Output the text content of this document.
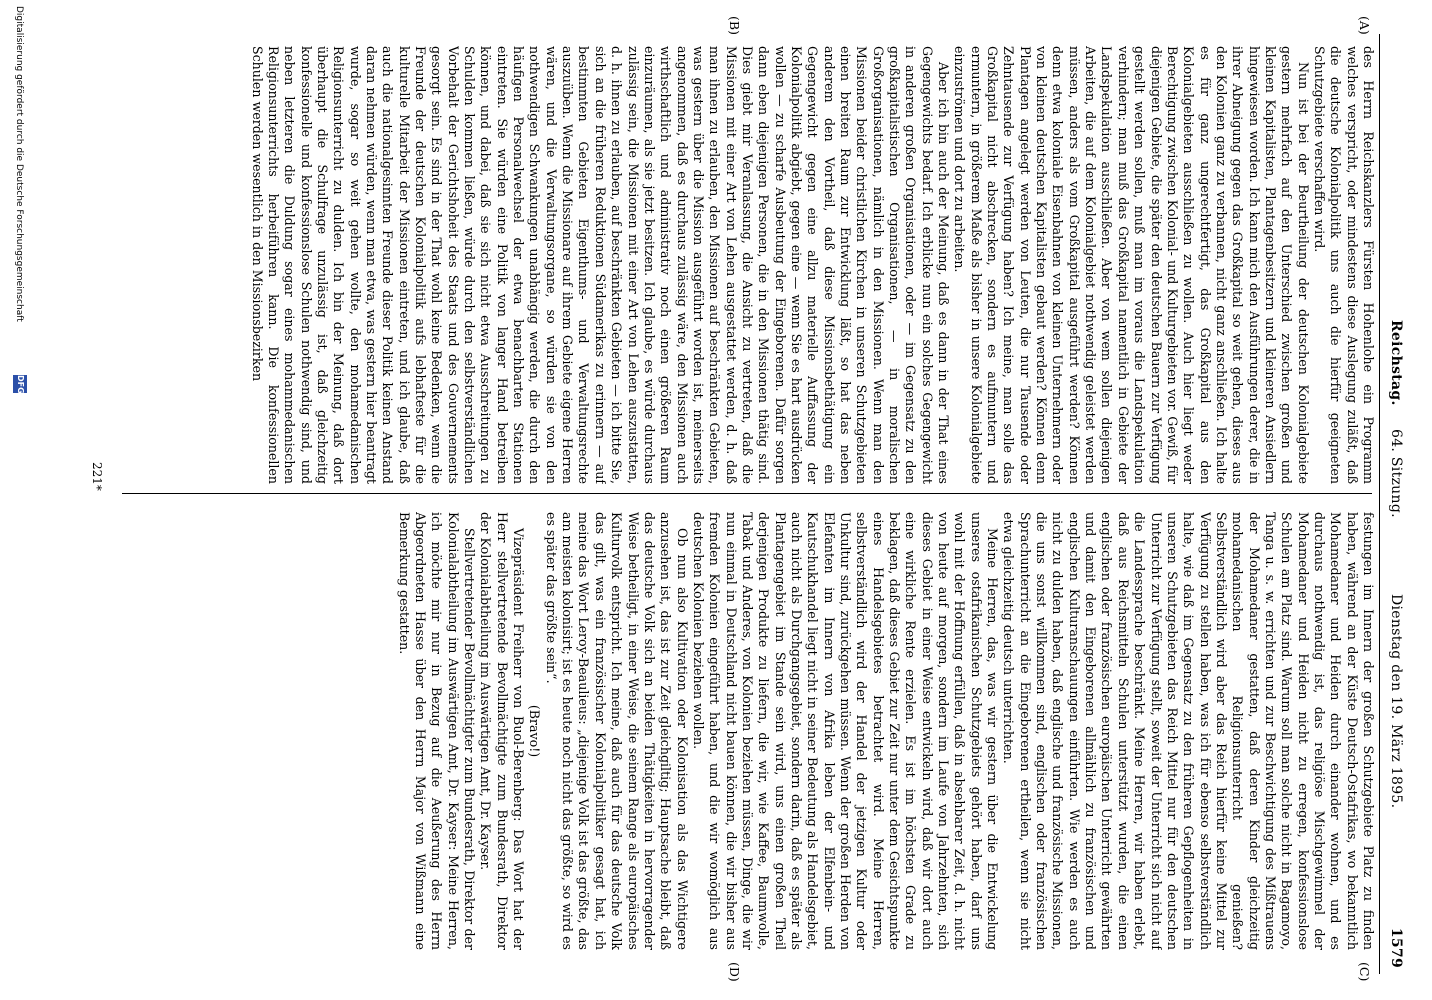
Reichstag.
64. Sitzung.
Dienstag den 19. März 1895.
1579
(A)
(B)
(C)
(D)

des Herrn Reichskanzlers Fürsten Hohenlohe ein Programm welches verspricht, oder mindestens diese Auslegung zuläßt, daß die deutsche Kolonialpolitik uns auch die hierfür geeigneten Schutzgebiete verschaffen wird.

Nun ist bei der Beurtheilung der deutschen Kolonialgebiete gestern mehrfach auf den Unterschied zwischen großen und kleinen Kapitalisten, Plantagenbesitzern und kleineren Ansiedlern hingewiesen worden. Ich kann mich den Ausführungen derer, die in ihrer Abneigung gegen das Großkapital so weit gehen, dieses aus den Kolonien ganz zu verbannen, nicht ganz anschließen. Ich halte es für ganz ungerechtfertigt, das Großkapital aus den Kolonialgebieten ausschließen zu wollen. Auch hier liegt weder Berechtigung zwischen Kolonial- und Kulturgebieten vor. Gewiß, für diejenigen Gebiete, die später den deutschen Bauern zur Verfügung gestellt werden sollen, muß man im voraus die Landspekulation verhindern; man muß das Großkapital namentlich in Gebiete der Landspekulation ausschließen. Aber von wem sollen diejenigen Arbeiten, die auf dem Kolonialgebiet nothwendig geleistet werden müssen, anders als vom Großkapital ausgeführt werden? Können denn etwa koloniale Eisenbahnen von kleinen Unternehmern oder von kleinen deutschen Kapitalisten gebaut werden? Können denn Plantagen angelegt werden von Leuten, die nur Tausende oder Zehntausende zur Verfügung haben? Ich meine, man solle das Großkapital nicht abschrecken, sondern es aufmuntern und ermuntern, in größerem Maße als bisher in unsere Kolonialgebiete einzuströmen und dort zu arbeiten.

Aber ich bin auch der Meinung, daß es dann in der That eines Gegengewichts bedarf. Ich erblicke nun ein solches Gegengewicht in anderen großen Organisationen, oder — im Gegensatz zu den großkapitalistischen Organisationen, — in moralischen Großorganisationen, nämlich in den Missionen. Wenn man den Missionen beider christlichen Kirchen in unseren Schutzgebieten einen breiten Raum zur Entwicklung läßt, so hat das neben anderem den Vortheil, daß diese Missionsbethätigung ein Gegengewicht gegen eine allzu materielle Auffassung der Kolonialpolitik abgiebt, gegen eine — wenn Sie es hart ausdrücken wollen — zu scharfe Ausbeutung der Eingeborenen. Dafür sorgen dann eben diejenigen Personen, die in den Missionen thätig sind. Dies giebt mir Veranlassung, die Ansicht zu vertreten, daß die Missionen mit einer Art von Lehen ausgestattet werden, d. h. daß man ihnen zu erlauben, den Missionen auf beschränkten Gebieten, was gestern über die Mission ausgeführt worden ist, meinerseits angenommen, daß es durchaus zulässig wäre, den Missionen auch wirthschaftlich und administrativ noch einen größeren Raum einzuräumen, als sie jetzt besitzen. Ich glaube, es würde durchaus zulässig sein, die Missionen mit einer Art von Lehen auszustatten, d. h. ihnen zu erlauben, auf beschränkten Gebieten — ich bitte Sie, sich an die früheren Reduktionen Südamerikas zu erinnern — auf bestimmten Gebieten Eigenthums- und Verwaltungsrechte auszuüben. Wenn die Missionare auf ihrem Gebiete eigene Herren wären, und die Verwaltungsorgane, so würden sie von den nothwendigen Schwankungen unabhängig werden, die durch den häufigen Personalwechsel der etwa benachbarten Stationen eintreten. Sie würden eine Politik von langer Hand betreiben können, und dabei, daß sie sich nicht etwa Ausschreitungen zu Schulden kommen ließen, würde durch den selbstverständlichen Vorbehalt der Gerichtshoheit des Staats und des Gouvernements gesorgt sein. Es sind in der That wohl keine Bedenken, wenn die Freunde der deutschen Kolonialpolitik aufs lebhafteste für die kulturelle Mitarbeit der Missionen eintreten, und ich glaube, daß auch die nationalgesinnten Freunde dieser Politik keinen Anstand daran nehmen würden, wenn man etwa, was gestern hier beantragt wurde, sogar so weit gehen wollte, den mohamedanischen Religionsunterricht zu dulden. Ich bin der Meinung, daß dort überhaupt die Schulfrage unzulässig ist, daß gleichzeitig konfessionelle und konfessionslose Schulen nothwendig sind, und neben letzteren die Duldung sogar eines mohammedanischen Religionsunterrichts herbeiführen kann. Die konfessionellen Schulen werden wesentlich in den Missionsbezirken

festungen im Innern der großen Schutzgebiete Platz zu finden haben, während an der Küste Deutsch-Ostafrikas, wo bekanntlich Mohamedaner und Heiden durch einander wohnen, und es durchaus nothwendig ist, das religiöse Mischgewimmel der Mohamedaner und Heiden nicht zu erregen, konfessionslose Schulen am Platz sind. Warum soll man solche nicht in Bagamoyo, Tanga u. s. w. errichten und zur Beschwichtigung des Mißtrauens der Mohamedaner gestatten, daß deren Kinder gleichzeitig mohamedanischen Religionsunterricht genießen? Selbstverständlich wird aber das Reich hierfür keine Mittel zur Verfügung zu stellen haben, was ich für ebenso selbstverständlich halte, wie daß im Gegensatz zu den früheren Gepflogenheiten in unseren Schutzgebieten das Reich Mittel nur für den deutschen Unterricht zur Verfügung stellt, soweit der Unterricht sich nicht auf die Landessprache beschränkt. Meine Herren, wir haben erlebt, daß aus Reichsmitteln Schulen unterstützt wurden, die einen englischen oder französischen europäischen Unterricht gewährten und damit den Eingeborenen allmählich zu französischen und englischen Kulturanschauungen einführten. Wie werden es auch nicht zu dulden haben, daß englische und französische Missionen, die uns sonst willkommen sind, englischen oder französischen Sprachunterricht an die Eingeborenen ertheilen, wenn sie nicht etwa gleichzeitig deutsch unterrichten.

Meine Herren, das, was wir gestern über die Entwickelung unseres ostafrikanischen Schutzgebiets gehört haben, darf uns wohl mit der Hoffnung erfüllen, daß in absehbarer Zeit, d. h. nicht von heute auf morgen, sondern im Laufe von Jahrzehnten, sich dieses Gebiet in einer Weise entwickeln wird, daß wir dort auch eine wirkliche Rente erzielen. Es ist im höchsten Grade zu beklagen, daß dieses Gebiet zur Zeit nur unter dem Gesichtspunkte eines Handelsgebietes betrachtet wird. Meine Herren, selbstverständlich wird der Handel der jetzigen Kultur oder Unkultur sind, zurückgehen müssen. Wenn der großen Herden von Elefanten im Innern von Afrika leben der Elfenbein- und Kautschukhandel liegt nicht in seiner Bedeutung als Handelsgebiet, auch nicht als Durchgangsgebiet, sondern darin, daß es später als Plantagengebiet im Stande sein wird, uns einen großen Theil derjenigen Produkte zu liefern, die wir, wie Kaffee, Baumwolle, Tabak und Anderes, von Kolonien beziehen müssen, Dinge, die wir nun einmal in Deutschland nicht bauen können, die wir bisher aus fremden Kolonien eingeführt haben, und die wir womöglich aus deutschen Kolonien beziehen wollen.

Ob nun also Kultivation oder Kolonisation als das Wichtigere anzusehen ist, das ist zur Zeit gleichgiltig; Hauptsache bleibt, daß das deutsche Volk sich an beiden Thätigkeiten in hervorragender Weise betheiligt, in einer Weise, die seinem Range als europäisches Kulturvolk entspricht. Ich meine, daß auch für das deutsche Volk das gilt, was ein französischer Kolonialpolitiker gesagt hat, ich meine das Wort Leroy-Beaulieus: „diejenige Volk ist das größte, das am meisten kolonisirt; ist es heute noch nicht das größte, so wird es es später das größte sein“.

(Bravo!)

Vizepräsident Freiherr von Buol-Berenberg: Das Wort hat der Herr stellvertretende Bevollmächtigte zum Bundesrath, Direktor der Kolonialabtheilung im Auswärtigen Amt, Dr. Kayser.

Stellvertretender Bevollmächtigter zum Bundesrath, Direktor der Kolonialabtheilung im Auswärtigen Amt, Dr. Kayser: Meine Herren, ich möchte mir nur in Bezug auf die Aeußerung des Herrn Abgeordneten Hasse über den Herrn Major von Wißmann eine Bemerkung gestatten.

221*
Digitalisierung gefördert durch die Deutsche Forschungsgemeinschaft
DFG
